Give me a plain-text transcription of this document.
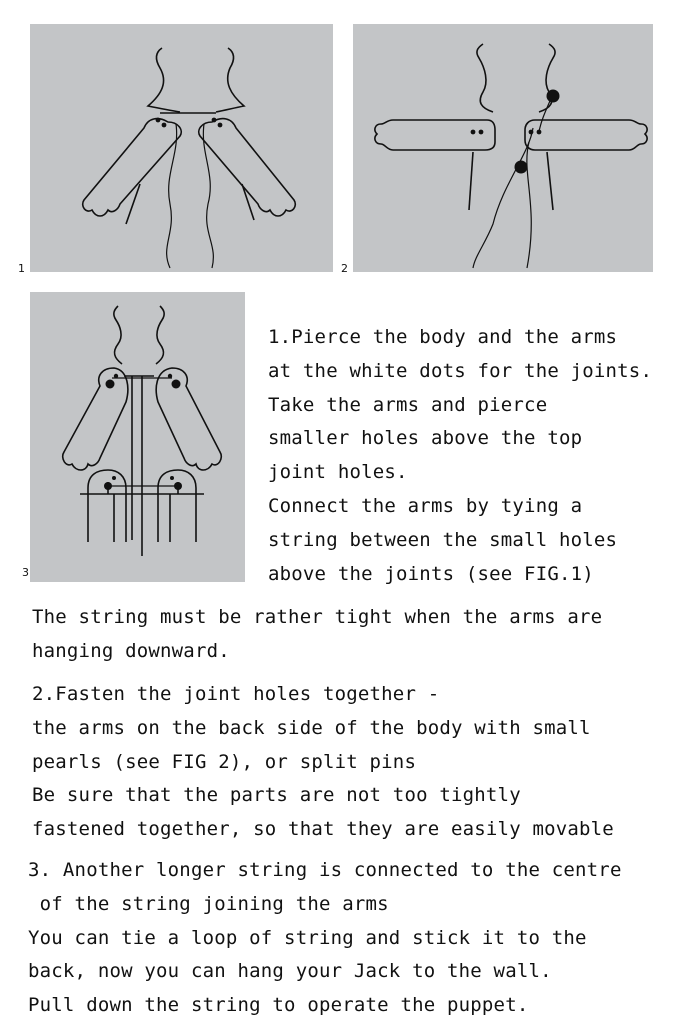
1	2
3
1.Pierce the body and the arms
at the white dots for the joints.
Take the arms and pierce
smaller holes above the top
joint holes.
Connect the arms by tying a
string between the small holes
above the joints (see FIG.1)
The string must be rather tight when the arms are
hanging downward.
2.Fasten the joint holes together -
the arms on the back side of the body with small
pearls (see FIG 2), or split pins
Be sure that the parts are not too tightly
fastened together, so that they are easily movable
3. Another longer string is connected to the centre
of the string joining the arms
You can tie a loop of string and stick it to the
back, now you can hang your Jack to the wall.
Pull down the string to operate the puppet.
